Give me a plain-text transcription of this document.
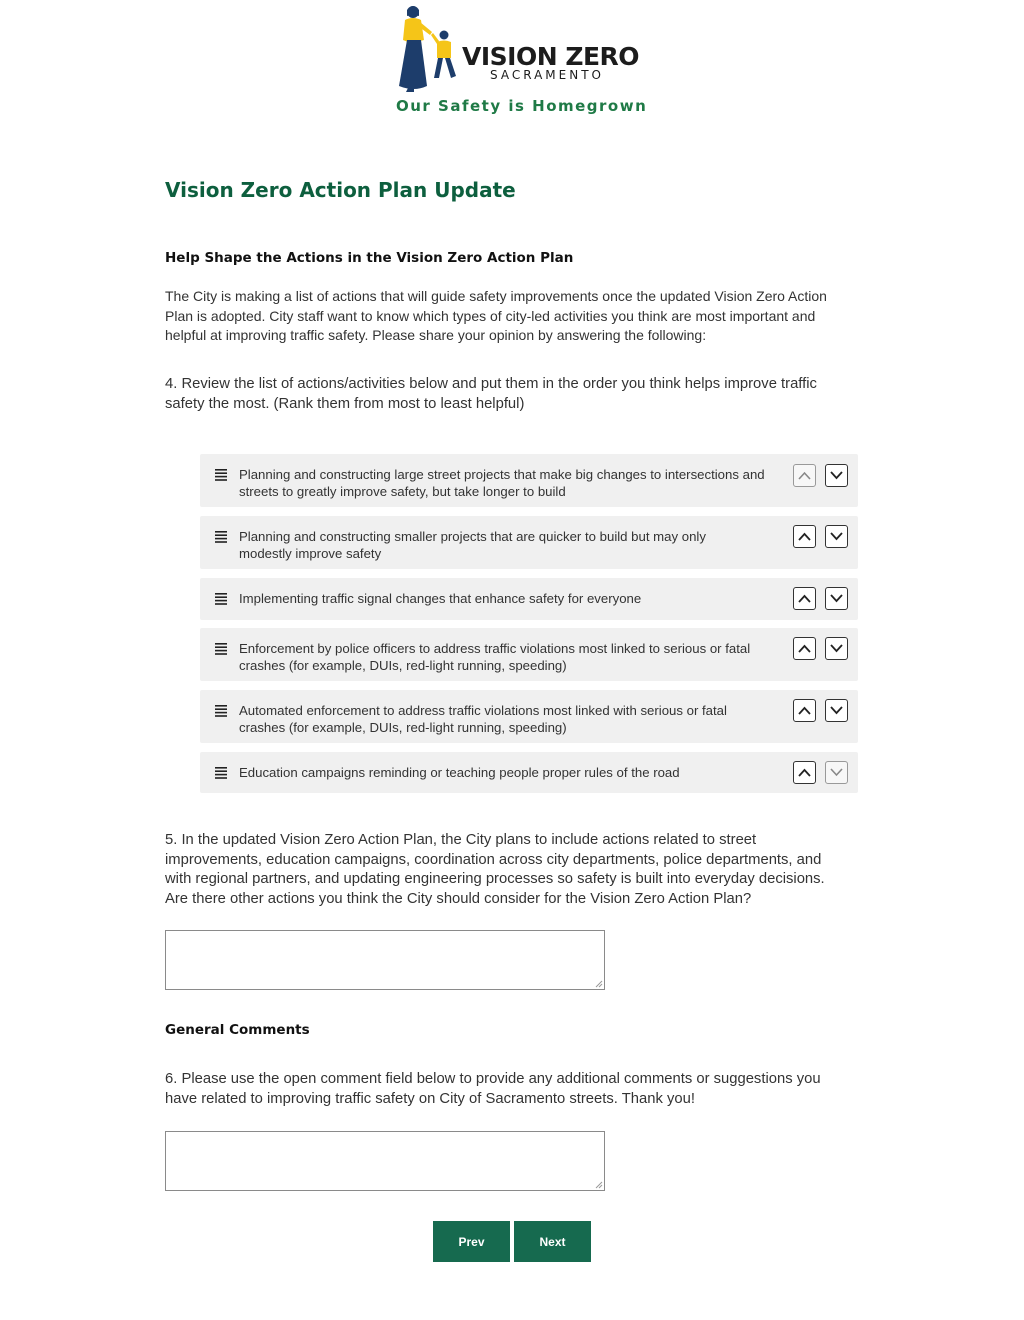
VISION ZERO
SACRAMENTO
Our Safety is Homegrown
Vision Zero Action Plan Update
Help Shape the Actions in the Vision Zero Action Plan
The City is making a list of actions that will guide safety improvements once the updated Vision Zero Action
Plan is adopted. City staff want to know which types of city-led activities you think are most important and
helpful at improving traffic safety. Please share your opinion by answering the following:
4. Review the list of actions/activities below and put them in the order you think helps improve traffic
safety the most. (Rank them from most to least helpful)
Planning and constructing large street projects that make big changes to intersections and
streets to greatly improve safety, but take longer to build
Planning and constructing smaller projects that are quicker to build but may only
modestly improve safety
Implementing traffic signal changes that enhance safety for everyone
Enforcement by police officers to address traffic violations most linked to serious or fatal
crashes (for example, DUIs, red-light running, speeding)
Automated enforcement to address traffic violations most linked with serious or fatal
crashes (for example, DUIs, red-light running, speeding)
Education campaigns reminding or teaching people proper rules of the road
5. In the updated Vision Zero Action Plan, the City plans to include actions related to street
improvements, education campaigns, coordination across city departments, police departments, and
with regional partners, and updating engineering processes so safety is built into everyday decisions.
Are there other actions you think the City should consider for the Vision Zero Action Plan?
General Comments
6. Please use the open comment field below to provide any additional comments or suggestions you
have related to improving traffic safety on City of Sacramento streets. Thank you!
Prev	Next
